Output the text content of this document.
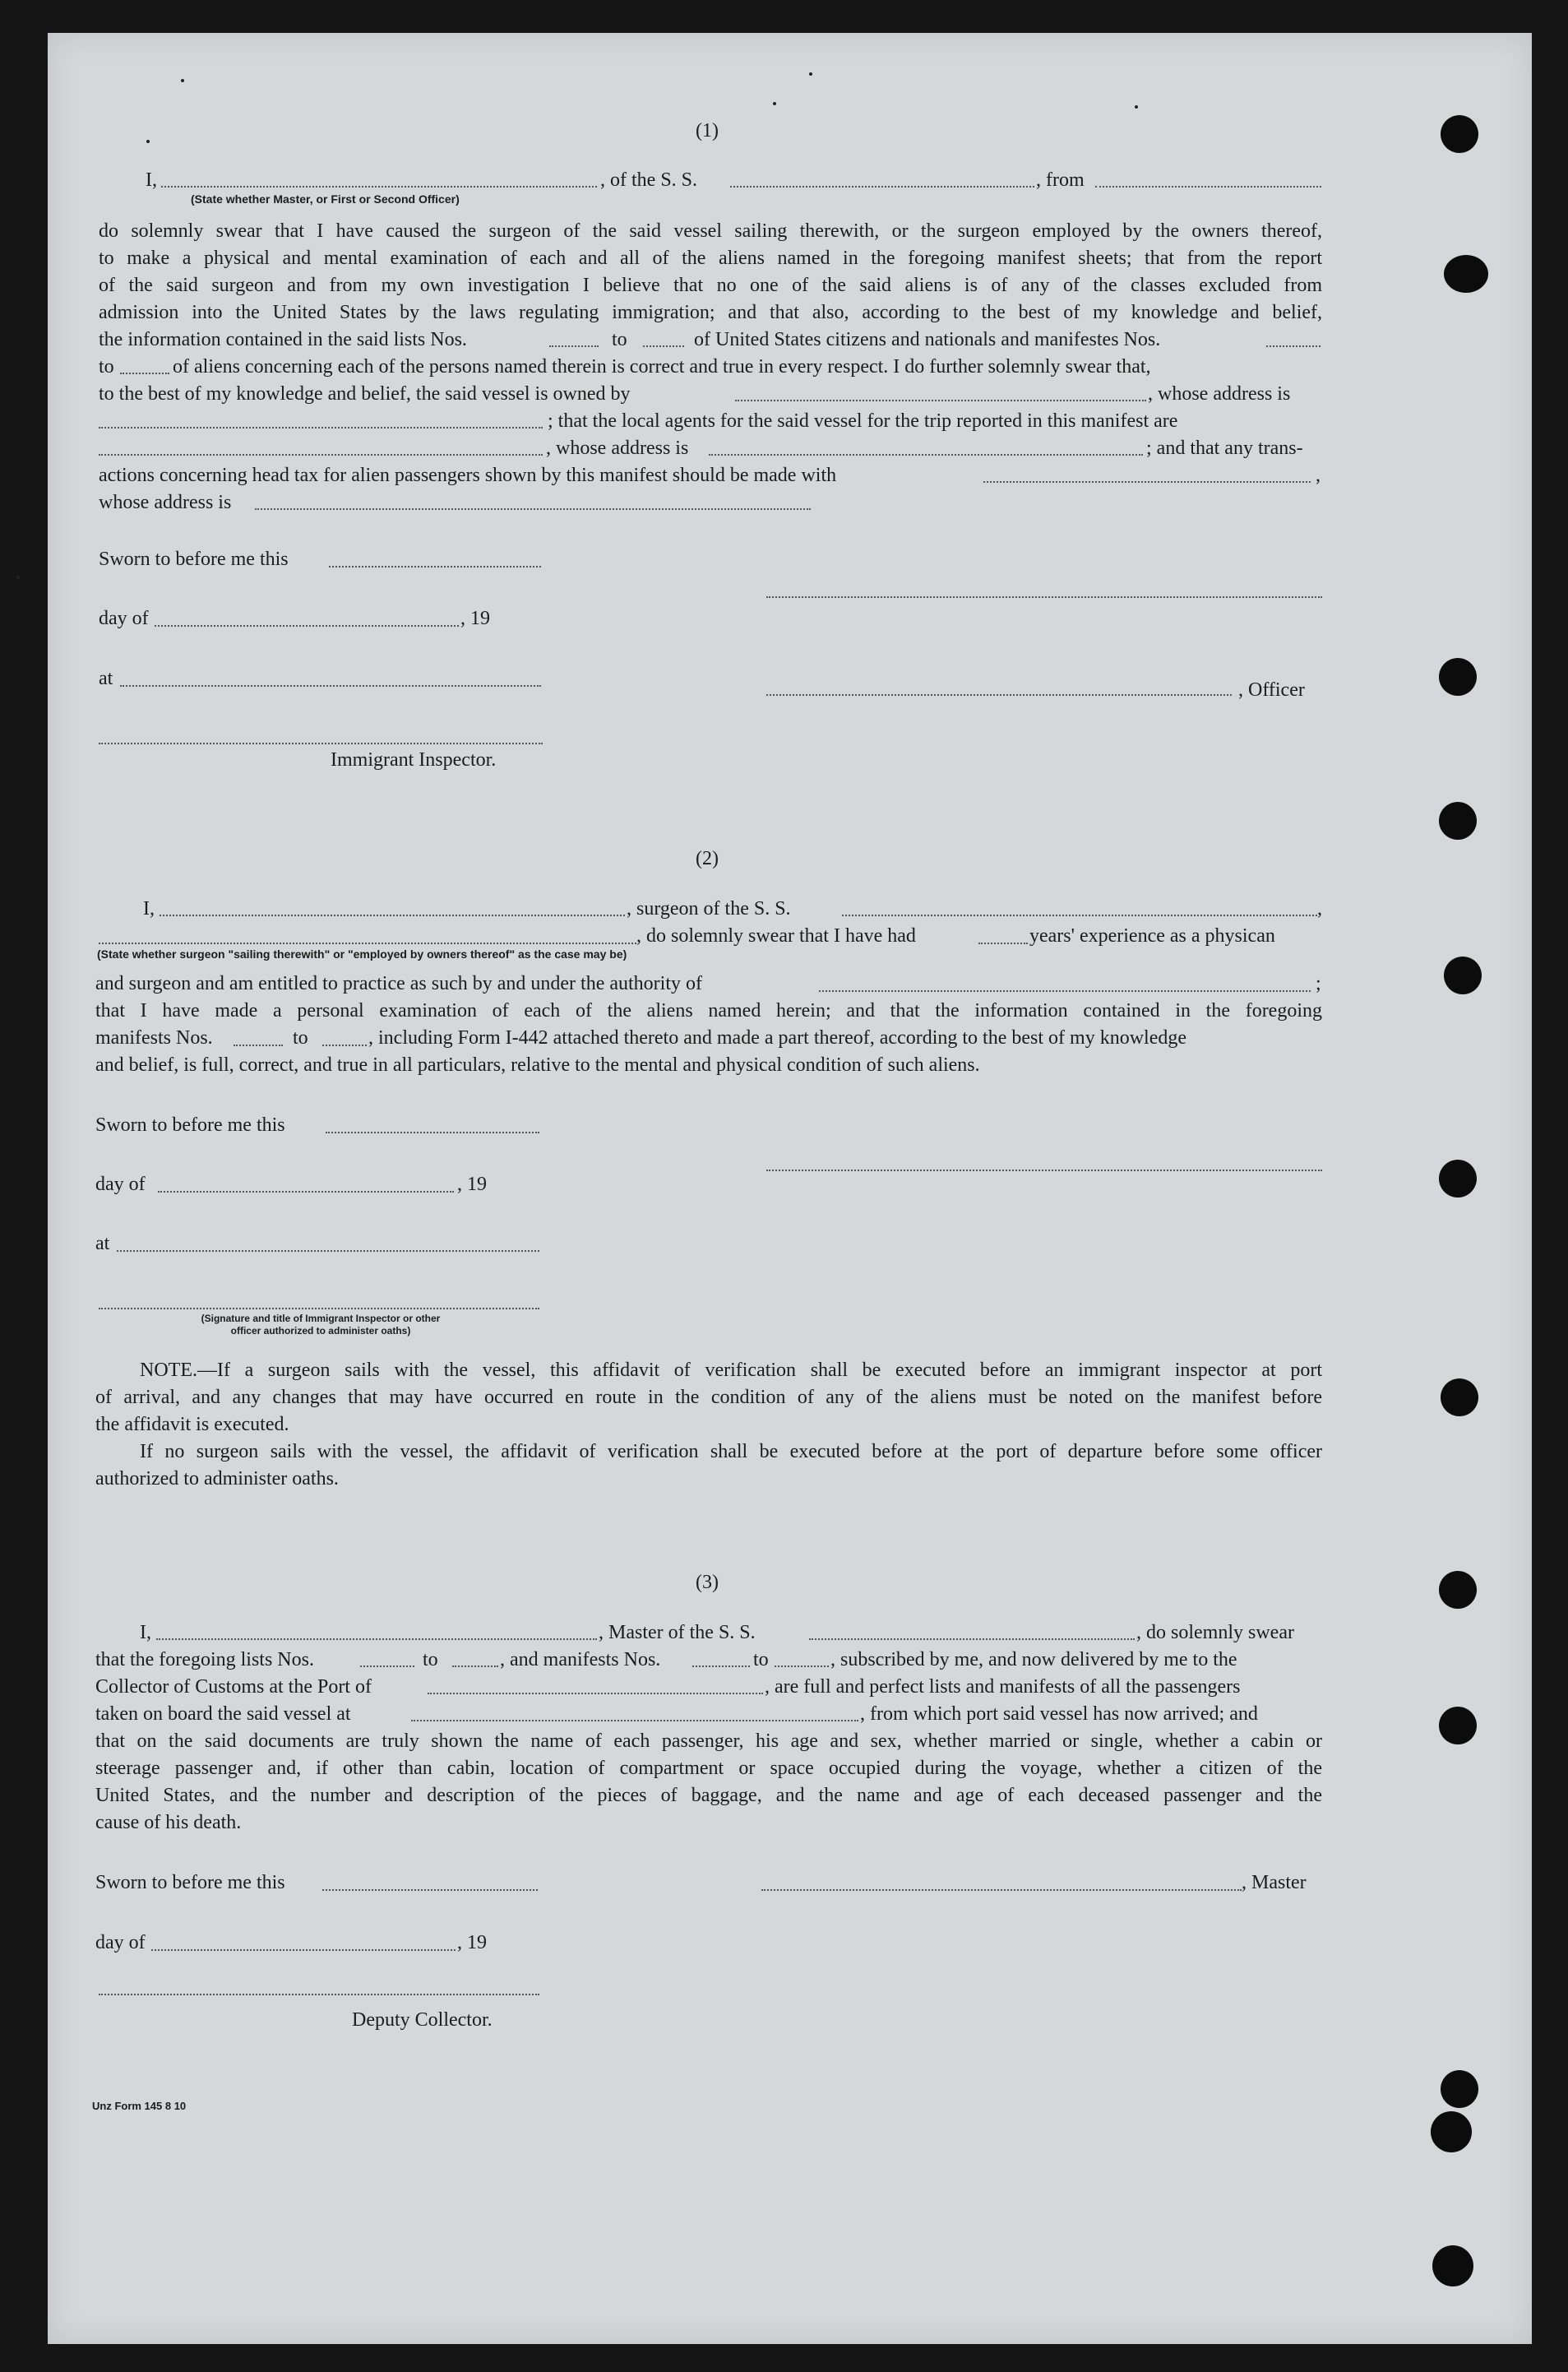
(1)
I,	, of the S. S.	, from
(State whether Master, or First or Second Officer)
do solemnly swear that I have caused the surgeon of the said vessel sailing therewith, or the surgeon employed by the owners thereof,
to make a physical and mental examination of each and all of the aliens named in the foregoing manifest sheets; that from the report
of the said surgeon and from my own investigation I believe that no one of the said aliens is of any of the classes excluded from
admission into the United States by the laws regulating immigration; and that also, according to the best of my knowledge and belief,
the information contained in the said lists Nos.	to	of United States citizens and nationals and manifestes Nos.
to	of aliens concerning each of the persons named therein is correct and true in every respect. I do further solemnly swear that,
to the best of my knowledge and belief, the said vessel is owned by	, whose address is
; that the local agents for the said vessel for the trip reported in this manifest are
, whose address is	; and that any trans-
actions concerning head tax for alien passengers shown by this manifest should be made with	,
whose address is
Sworn to before me this
day of	, 19
at
, Officer
Immigrant Inspector.
(2)
I,	, surgeon of the S. S.	,
, do solemnly swear that I have had	years' experience as a physican
(State whether surgeon "sailing therewith" or "employed by owners thereof" as the case may be)
and surgeon and am entitled to practice as such by and under the authority of	;
that I have made a personal examination of each of the aliens named herein; and that the information contained in the foregoing
manifests Nos.	to	, including Form I-442 attached thereto and made a part thereof, according to the best of my knowledge
and belief, is full, correct, and true in all particulars, relative to the mental and physical condition of such aliens.
Sworn to before me this
day of	, 19
at
(Signature and title of Immigrant Inspector or other
officer authorized to administer oaths)
NOTE.—If a surgeon sails with the vessel, this affidavit of verification shall be executed before an immigrant inspector at port
of arrival, and any changes that may have occurred en route in the condition of any of the aliens must be noted on the manifest before
the affidavit is executed.
If no surgeon sails with the vessel, the affidavit of verification shall be executed before at the port of departure before some officer
authorized to administer oaths.
(3)
I,	, Master of the S. S.	, do solemnly swear
that the foregoing lists Nos.	to	, and manifests Nos.	to	, subscribed by me, and now delivered by me to the
Collector of Customs at the Port of	, are full and perfect lists and manifests of all the passengers
taken on board the said vessel at	, from which port said vessel has now arrived; and
that on the said documents are truly shown the name of each passenger, his age and sex, whether married or single, whether a cabin or
steerage passenger and, if other than cabin, location of compartment or space occupied during the voyage, whether a citizen of the
United States, and the number and description of the pieces of baggage, and the name and age of each deceased passenger and the
cause of his death.
Sworn to before me this	, Master
day of	, 19
Deputy Collector.
Unz Form 145 8 10
